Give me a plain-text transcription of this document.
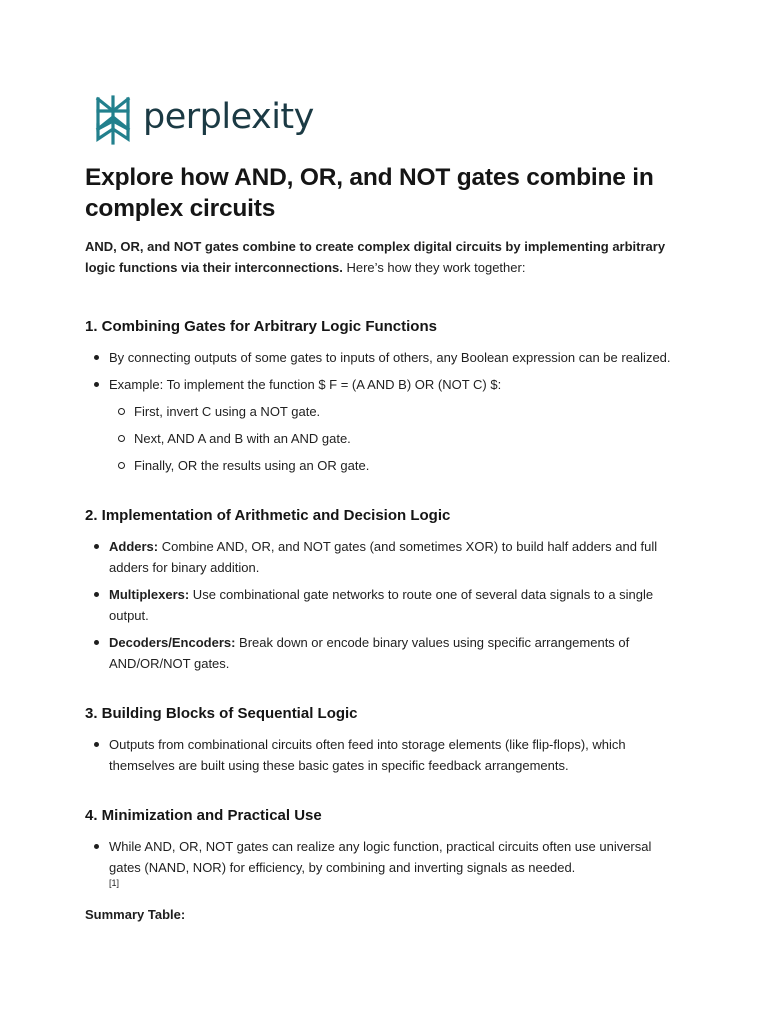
perplexity
Explore how AND, OR, and NOT gates combine in complex circuits

AND, OR, and NOT gates combine to create complex digital circuits by implementing arbitrary logic functions via their interconnections. Here’s how they work together:

1. Combining Gates for Arbitrary Logic Functions
By connecting outputs of some gates to inputs of others, any Boolean expression can be realized.
Example: To implement the function $ F = (A AND B) OR (NOT C) $:
First, invert C using a NOT gate.
Next, AND A and B with an AND gate.
Finally, OR the results using an OR gate.
2. Implementation of Arithmetic and Decision Logic
Adders: Combine AND, OR, and NOT gates (and sometimes XOR) to build half adders and full adders for binary addition.
Multiplexers: Use combinational gate networks to route one of several data signals to a single output.
Decoders/Encoders: Break down or encode binary values using specific arrangements of AND/OR/NOT gates.
3. Building Blocks of Sequential Logic
Outputs from combinational circuits often feed into storage elements (like flip-flops), which themselves are built using these basic gates in specific feedback arrangements.
4. Minimization and Practical Use
While AND, OR, NOT gates can realize any logic function, practical circuits often use universal gates (NAND, NOR) for efficiency, by combining and inverting signals as needed.
[1]
Summary Table:
